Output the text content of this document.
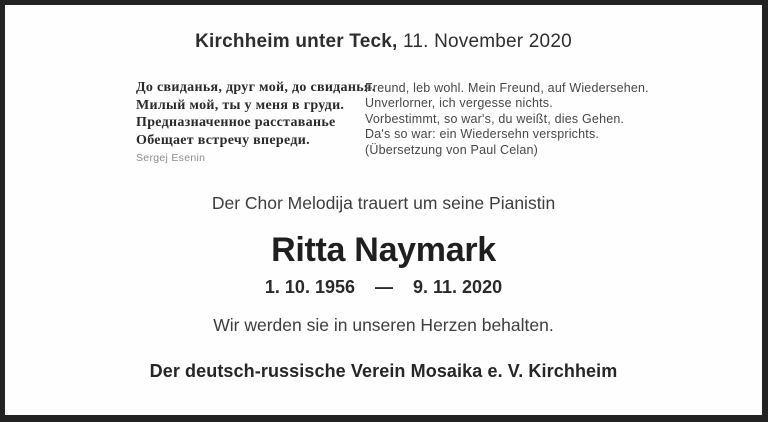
Kirchheim unter Teck, 11. November 2020
До свиданья, друг мой, до свиданья.
Милый мой, ты у меня в груди.
Предназначенное расставанье
Обещает встречу впереди.
Sergej Esenin
Freund, leb wohl. Mein Freund, auf Wiedersehen.
Unverlorner, ich vergesse nichts.
Vorbestimmt, so war's, du weißt, dies Gehen.
Da's so war: ein Wiedersehn versprichts.
(Übersetzung von Paul Celan)
Der Chor Melodija trauert um seine Pianistin
Ritta Naymark
1. 10. 1956 — 9. 11. 2020
Wir werden sie in unseren Herzen behalten.
Der deutsch-russische Verein Mosaika e. V. Kirchheim
